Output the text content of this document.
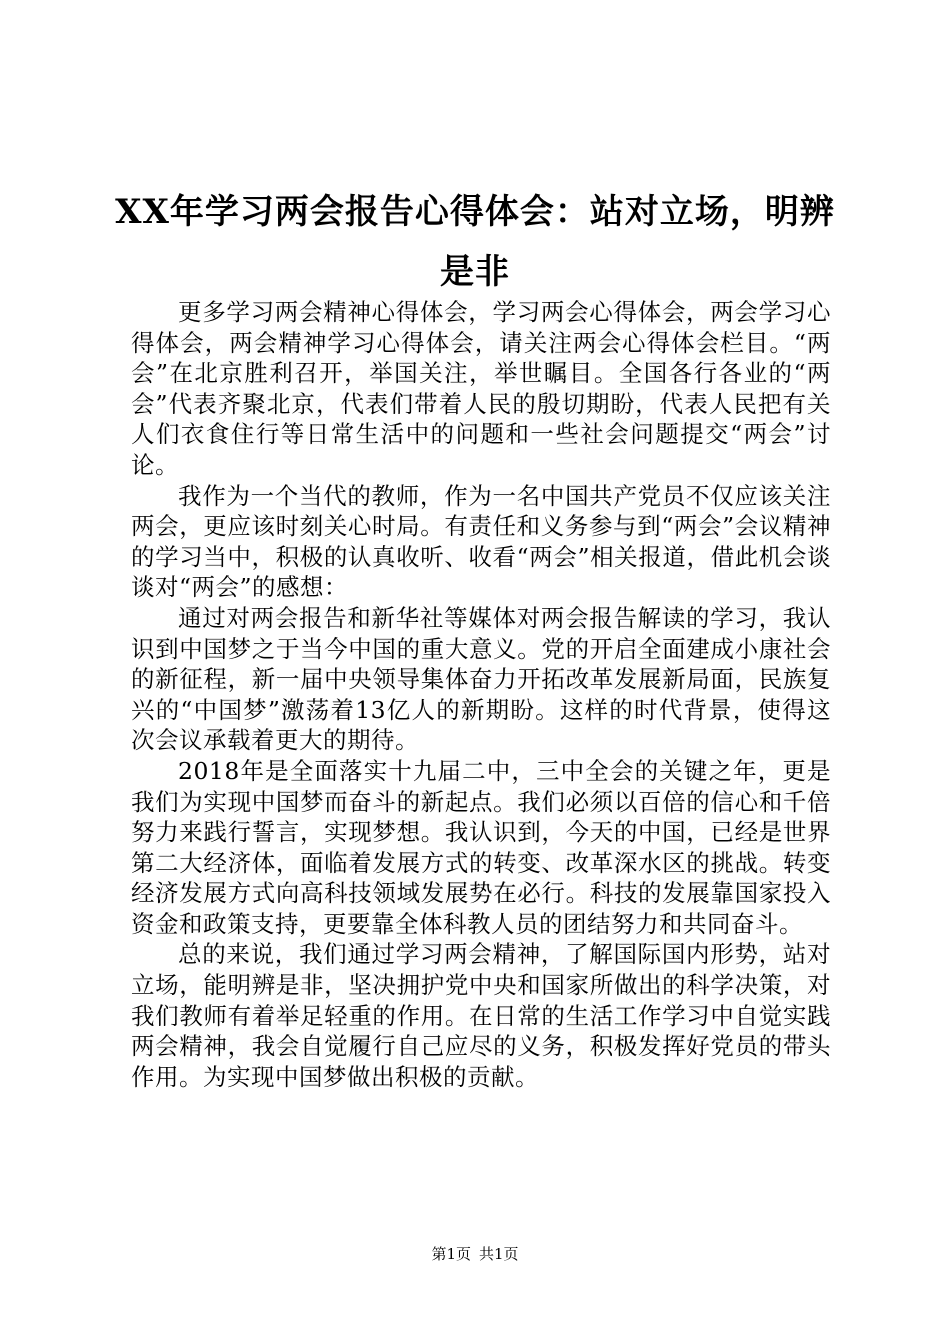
XX年学习两会报告心得体会：站对立场，明辨是非

更多学习两会精神心得体会，学习两会心得体会，两会学习心得体会，两会精神学习心得体会，请关注两会心得体会栏目。“两会”在北京胜利召开，举国关注，举世瞩目。全国各行各业的“两会”代表齐聚北京，代表们带着人民的殷切期盼，代表人民把有关人们衣食住行等日常生活中的问题和一些社会问题提交“两会”讨论。

我作为一个当代的教师，作为一名中国共产党员不仅应该关注两会，更应该时刻关心时局。有责任和义务参与到“两会”会议精神的学习当中，积极的认真收听、收看“两会”相关报道，借此机会谈谈对“两会”的感想：

通过对两会报告和新华社等媒体对两会报告解读的学习，我认识到中国梦之于当今中国的重大意义。党的开启全面建成小康社会的新征程，新一届中央领导集体奋力开拓改革发展新局面，民族复兴的“中国梦”激荡着13亿人的新期盼。这样的时代背景，使得这次会议承载着更大的期待。

2018年是全面落实十九届二中，三中全会的关键之年，更是我们为实现中国梦而奋斗的新起点。我们必须以百倍的信心和千倍努力来践行誓言，实现梦想。我认识到，今天的中国，已经是世界第二大经济体，面临着发展方式的转变、改革深水区的挑战。转变经济发展方式向高科技领域发展势在必行。科技的发展靠国家投入资金和政策支持，更要靠全体科教人员的团结努力和共同奋斗。

总的来说，我们通过学习两会精神，了解国际国内形势，站对立场，能明辨是非，坚决拥护党中央和国家所做出的科学决策，对我们教师有着举足轻重的作用。在日常的生活工作学习中自觉实践两会精神，我会自觉履行自己应尽的义务，积极发挥好党员的带头作用。为实现中国梦做出积极的贡献。

第1页 共1页
